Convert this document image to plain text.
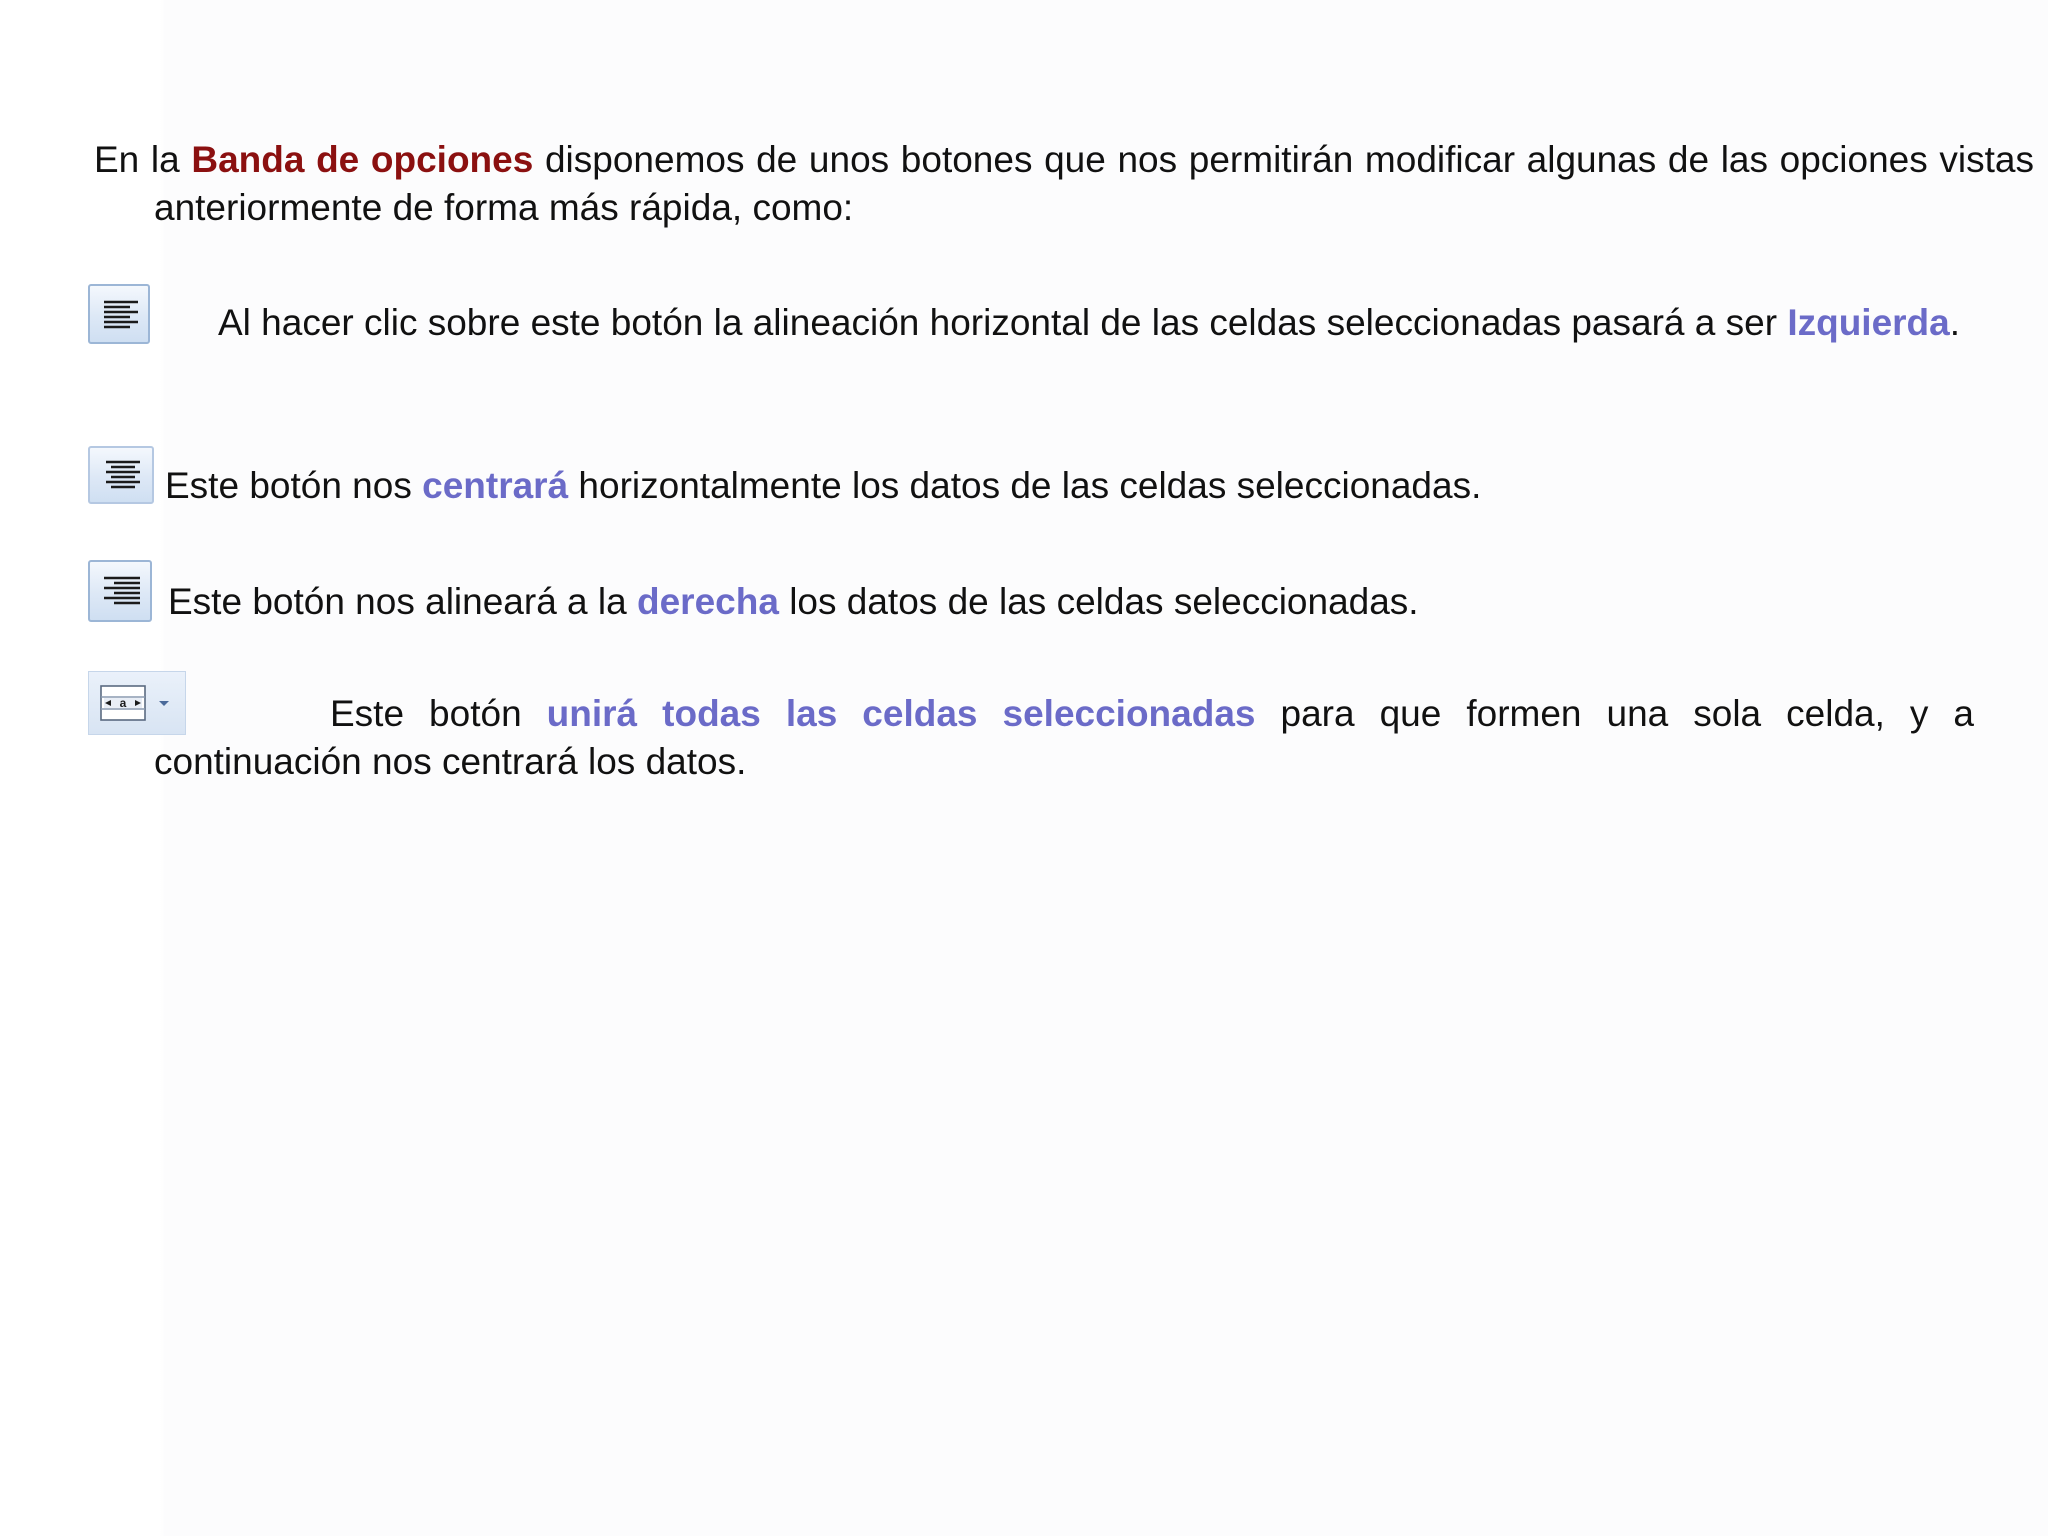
En la Banda de opciones disponemos de unos botones que nos permitirán modificar algunas de las opciones vistas anteriormente de forma más rápida, como:

Al hacer clic sobre este botón la alineación horizontal de las celdas seleccionadas pasará a ser Izquierda.

Este botón nos centrará horizontalmente los datos de las celdas seleccionadas.

Este botón nos alineará a la derecha los datos de las celdas seleccionadas.

a	Este botón unirá todas las celdas seleccionadas para que formen una sola celda, y a continuación nos centrará los datos.
